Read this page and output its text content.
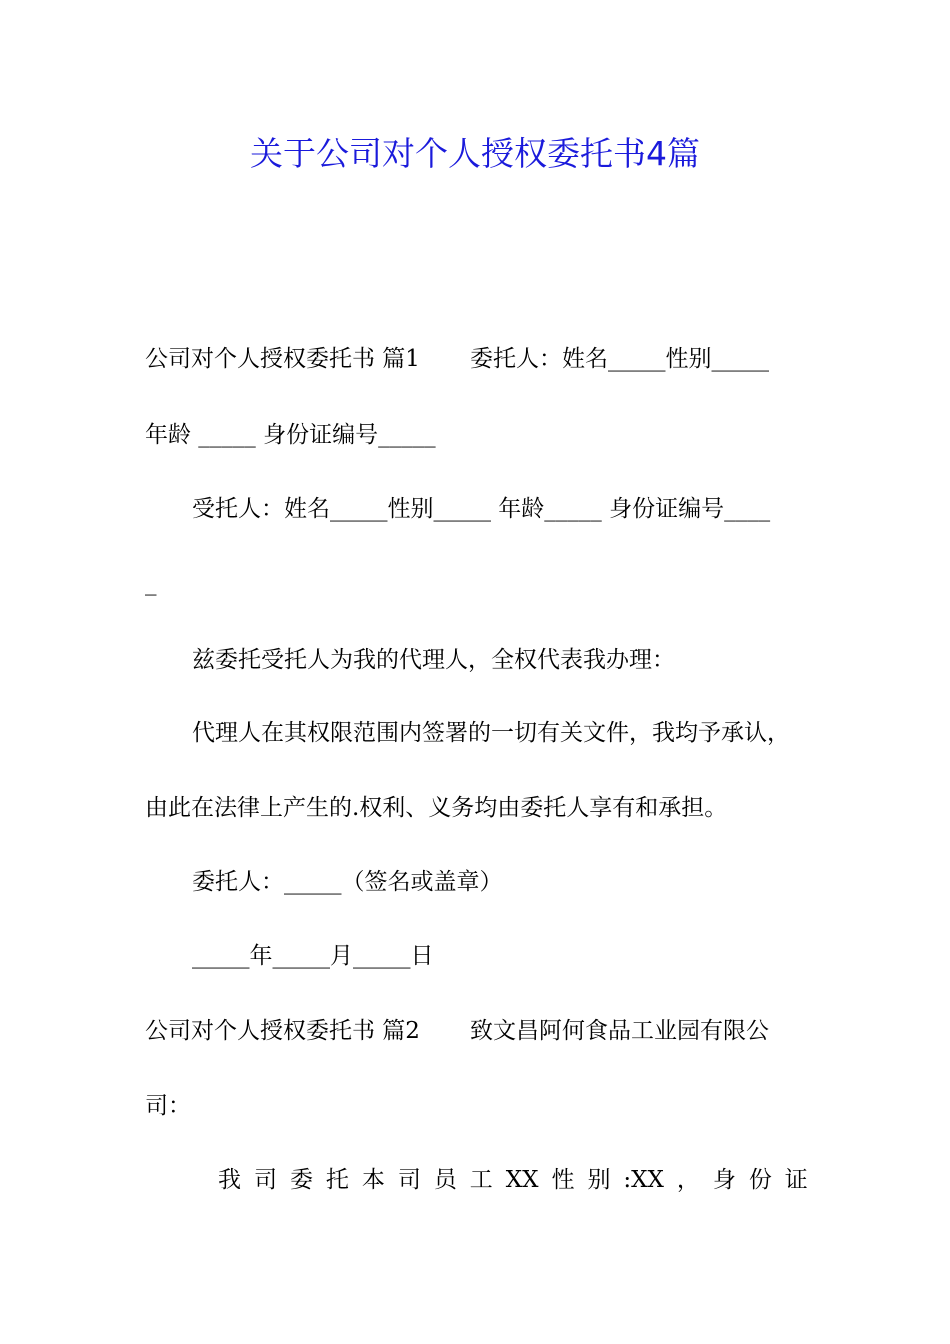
关于公司对个人授权委托书4篇
公司对个人授权委托书 篇1 委托人：姓名_____性别_____
年龄 _____ 身份证编号_____
受托人：姓名_____性别_____ 年龄_____ 身份证编号____
_
兹委托受托人为我的代理人，全权代表我办理：
代理人在其权限范围内签署的一切有关文件，我均予承认，
由此在法律上产生的.权利、义务均由委托人享有和承担。
委托人：_____（签名或盖章）
_____年_____月_____日
公司对个人授权委托书 篇2 致文昌阿何食品工业园有限公
司：
我 司 委 托 本 司 员 工 XX 性 别 :XX ， 身 份 证
